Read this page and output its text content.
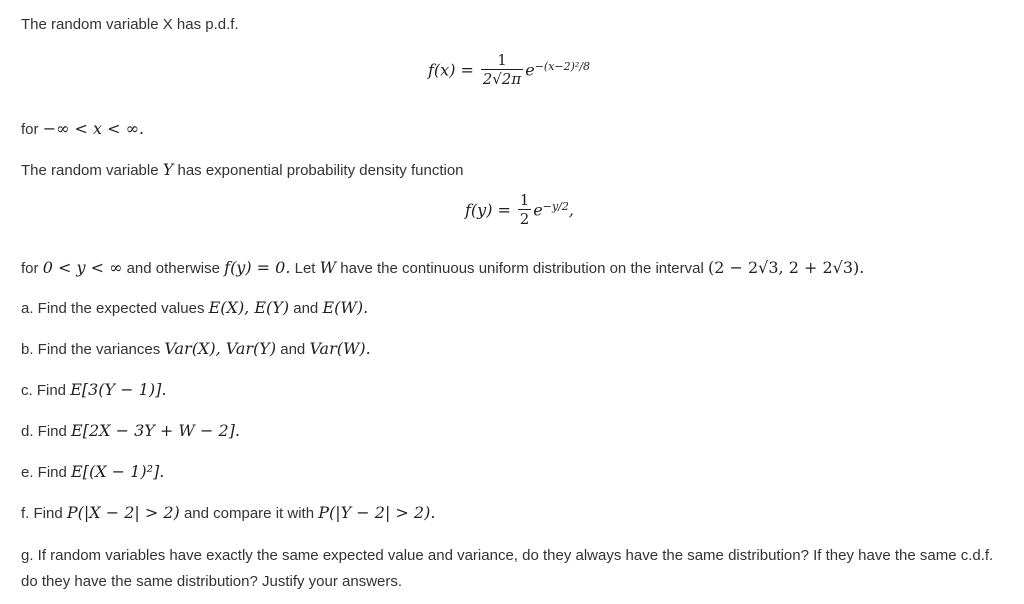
The random variable X has p.d.f.
$f(x) = \frac{1}{2√2\pi} e^{-(x-2)^2/8}$
for −∞ < x < ∞.
The random variable Y has exponential probability density function
$f(y) = \frac{1}{2} e^{-y/2}$,
for 0 < y < ∞ and otherwise f(y) = 0. Let W have the continuous uniform distribution on the interval (2 − 2√3, 2 + 2√3).
a. Find the expected values E(X), E(Y) and E(W).
b. Find the variances Var(X), Var(Y) and Var(W).
c. Find E[3(Y − 1)].
d. Find E[2X − 3Y + W − 2].
e. Find E[(X − 1)²].
f. Find P(|X − 2| > 2) and compare it with P(|Y − 2| > 2).
g. If random variables have exactly the same expected value and variance, do they always have the same distribution? If they have the same c.d.f. do they have the same distribution? Justify your answers.
